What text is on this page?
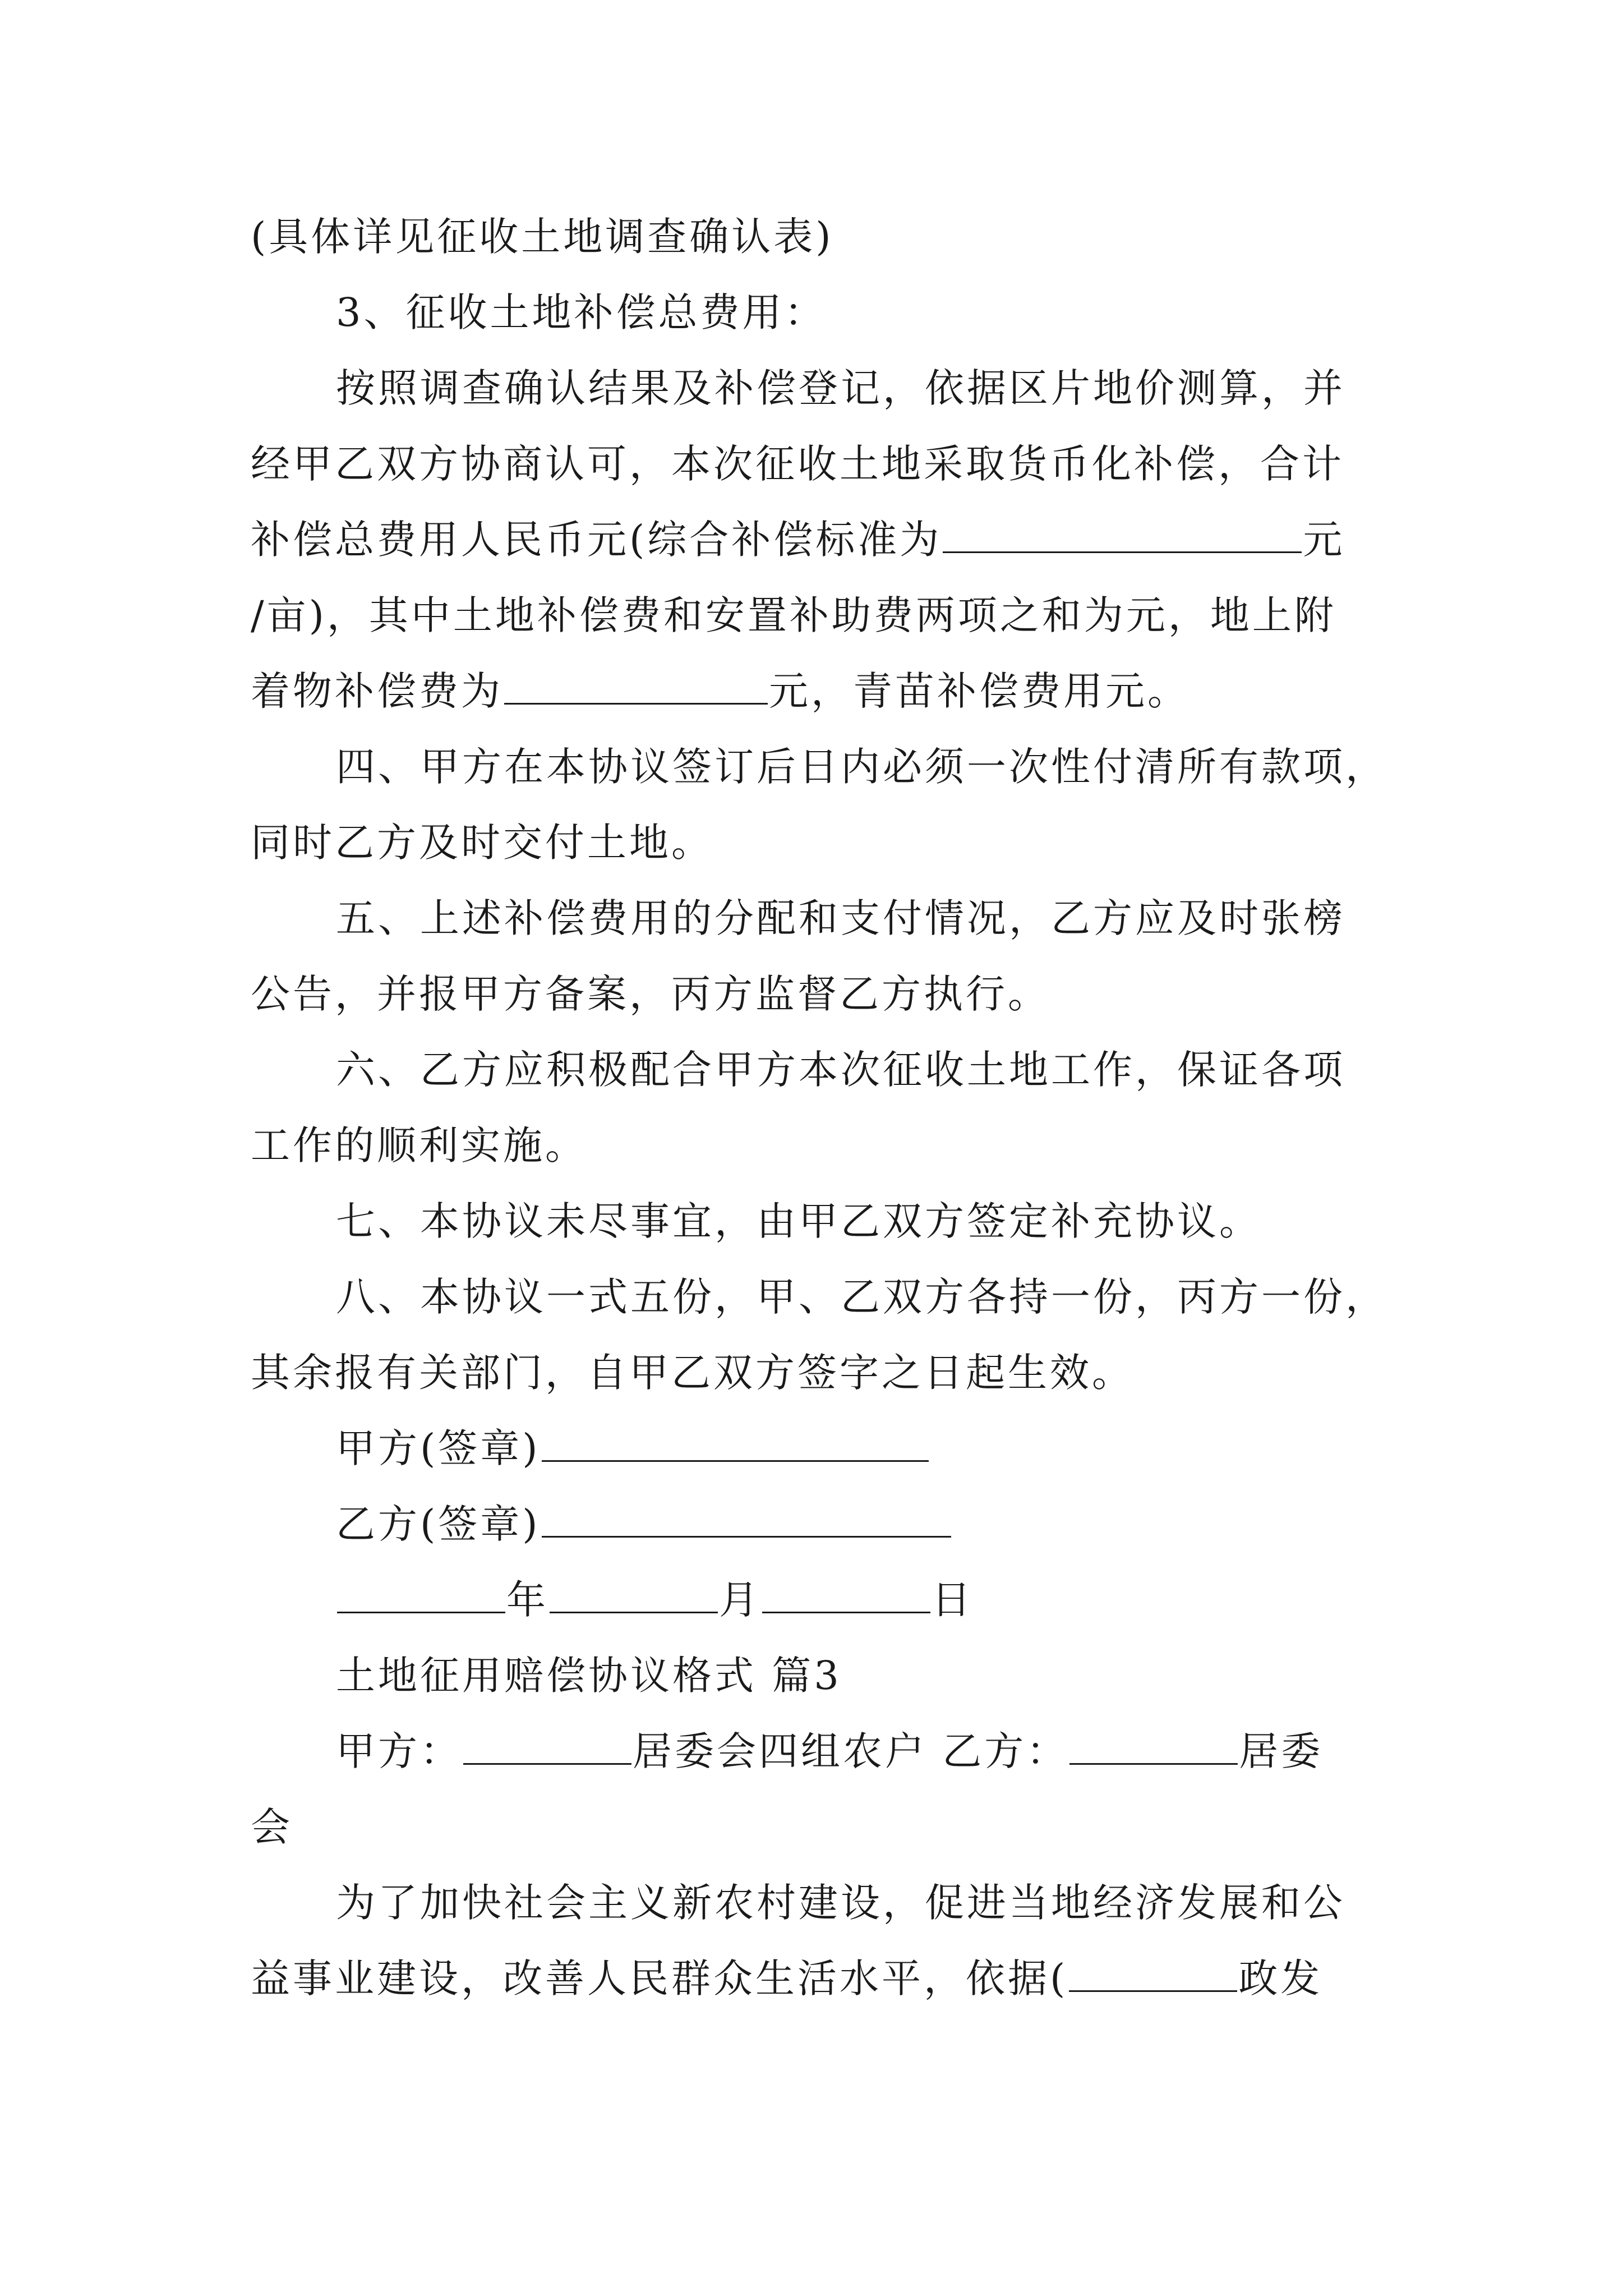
(具体详见征收土地调查确认表)
3、征收土地补偿总费用：
按照调查确认结果及补偿登记，依据区片地价测算，并
经甲乙双方协商认可，本次征收土地采取货币化补偿，合计
补偿总费用人民币元(综合补偿标准为	元
/亩)，其中土地补偿费和安置补助费两项之和为元，地上附
着物补偿费为	元，青苗补偿费用元。
四、甲方在本协议签订后日内必须一次性付清所有款项，
同时乙方及时交付土地。
五、上述补偿费用的分配和支付情况，乙方应及时张榜
公告，并报甲方备案，丙方监督乙方执行。
六、乙方应积极配合甲方本次征收土地工作，保证各项
工作的顺利实施。
七、本协议未尽事宜，由甲乙双方签定补充协议。
八、本协议一式五份，甲、乙双方各持一份，丙方一份，
其余报有关部门，自甲乙双方签字之日起生效。
甲方(签章)
乙方(签章)
年	月	日
土地征用赔偿协议格式 篇3
甲方：	居委会四组农户 乙方：	居委
会
为了加快社会主义新农村建设，促进当地经济发展和公
益事业建设，改善人民群众生活水平，依据(	政发
